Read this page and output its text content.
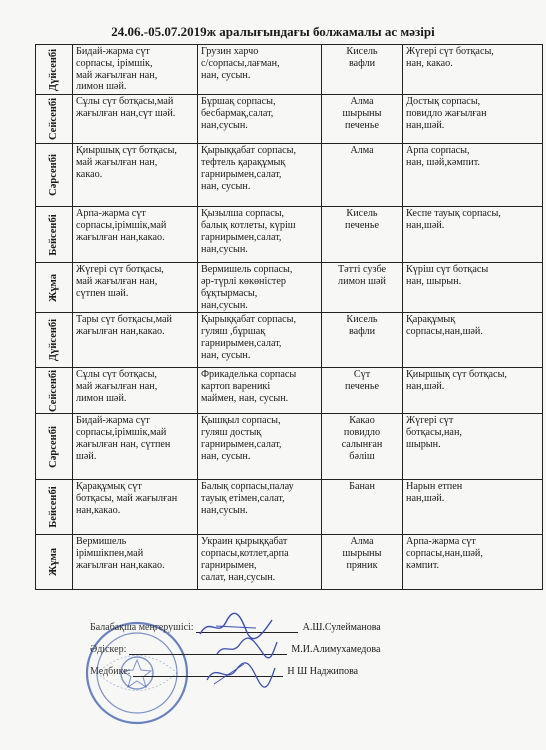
24.06.-05.07.2019ж аралығындағы болжамалы ас мәзірі
Дүйсенбі	Бидай-жарма сүт
сорпасы, ірімшік,
май жағылған нан,
лимон шәй.	Грузин харчо
с/сорпасы,лағман,
нан, сусын.	Кисель
вафли	Жүгері сүт ботқасы,
нан, какао.

Сейсенбі	Сұлы сүт ботқасы,май
жағылған нан,сүт шәй.	Бұршақ сорпасы,
бесбармақ,салат,
нан,сусын.	Алма
шырыны
печенье	Достық сорпасы,
повидло жағылған
нан,шәй.

Сәрсенбі	Қиыршық сүт ботқасы,
май жағылған нан,
какао.	Қырыққабат сорпасы,
тефтель қарақұмық
гарнирымен,салат,
нан, сусын.	Алма	Арпа сорпасы,
нан, шәй,кәмпит.

Бейсенбі	Арпа-жарма сүт
сорпасы,ірімшік,май
жағылған нан,какао.	Қызылша сорпасы,
балық котлеты, күріш
гарнирымен,салат,
нан,сусын.	Кисель
печенье	Кеспе тауық сорпасы,
нан,шәй.

Жұма	Жүгері сүт ботқасы,
май жағылған нан,
сүтпен шәй.	Вермишель сорпасы,
әр-түрлі көкөністер
бұқтырмасы,
нан,сусын.	Тәтті сузбе
лимон шәй	Күріш сүт ботқасы
нан, шырын.

Дүйсенбі	Тары сүт ботқасы,май
жағылған нан,какао.	Қырыққабат сорпасы,
гуляш ,бұршақ
гарнирымен,салат,
нан, сусын.	Кисель
вафли	Қарақұмық
сорпасы,нан,шәй.

Сейсенбі	Сұлы сүт ботқасы,
май жағылған нан,
лимон шәй.	Фрикаделька сорпасы
картоп вареникі
маймен, нан, сусын.	Сүт
печенье	Қиыршық сүт ботқасы,
нан,шәй.

Сәрсенбі	Бидай-жарма сүт
сорпасы,ірімшік,май
жағылған нан, сүтпен
шәй.	Қышқыл сорпасы,
гуляш достық
гарнирымен,салат,
нан, сусын.	Какао
повидло
салынған
бәліш	Жүгері сүт
ботқасы,нан,
шырын.

Бейсенбі	Қарақұмық сүт
ботқасы, май жағылған
нан,какао.	Балық сорпасы,палау
тауық етімен,салат,
нан,сусын.	Банан	Нарын етпен
нан,шәй.

Жұма	Вермишель
ірімшікпен,май
жағылған нан,какао.	Украин қырыққабат
сорпасы,котлет,арпа
гарнирымен,
салат, нан,сусын.	Алма
шырыны
пряник	Арпа-жарма сүт
сорпасы,нан,шәй,
кәмпит.
Балабақша меңгерушісі:	А.Ш.Сулейманова
Әдіскер:	М.И.Алимухамедова
Медбике:	Н Ш Наджипова
